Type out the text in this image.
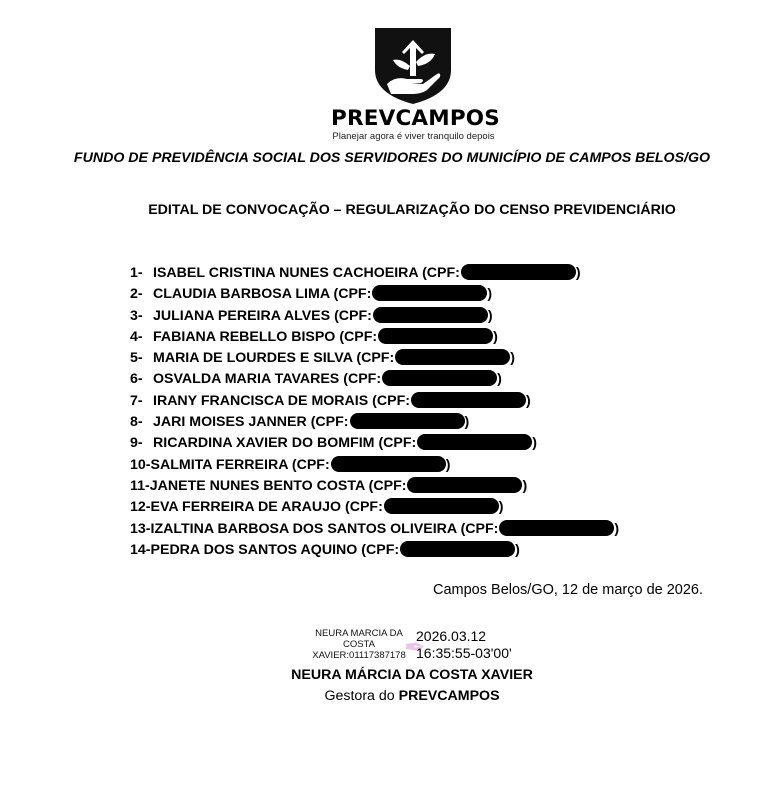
PREVCAMPOS
Planejar agora é viver tranquilo depois
FUNDO DE PREVIDÊNCIA SOCIAL DOS SERVIDORES DO MUNICÍPIO DE CAMPOS BELOS/GO
EDITAL DE CONVOCAÇÃO – REGULARIZAÇÃO DO CENSO PREVIDENCIÁRIO
1- ISABEL CRISTINA NUNES CACHOEIRA (CPF:	)
2- CLAUDIA BARBOSA LIMA (CPF:	)
3- JULIANA PEREIRA ALVES (CPF:	)
4- FABIANA REBELLO BISPO (CPF:	)
5- MARIA DE LOURDES E SILVA (CPF:	)
6- OSVALDA MARIA TAVARES (CPF:	)
7- IRANY FRANCISCA DE MORAIS (CPF:	)
8- JARI MOISES JANNER (CPF:	)
9- RICARDINA XAVIER DO BOMFIM (CPF:	)
10-SALMITA FERREIRA (CPF:	)
11-JANETE NUNES BENTO COSTA (CPF:	)
12-EVA FERREIRA DE ARAUJO (CPF:	)
13-IZALTINA BARBOSA DOS SANTOS OLIVEIRA (CPF:	)
14-PEDRA DOS SANTOS AQUINO (CPF:	)
Campos Belos/GO, 12 de março de 2026.
NEURA MARCIA DA
COSTA
XAVIER:01117387178
✒
2026.03.12
16:35:55-03'00'
NEURA MÁRCIA DA COSTA XAVIER
Gestora do PREVCAMPOS
